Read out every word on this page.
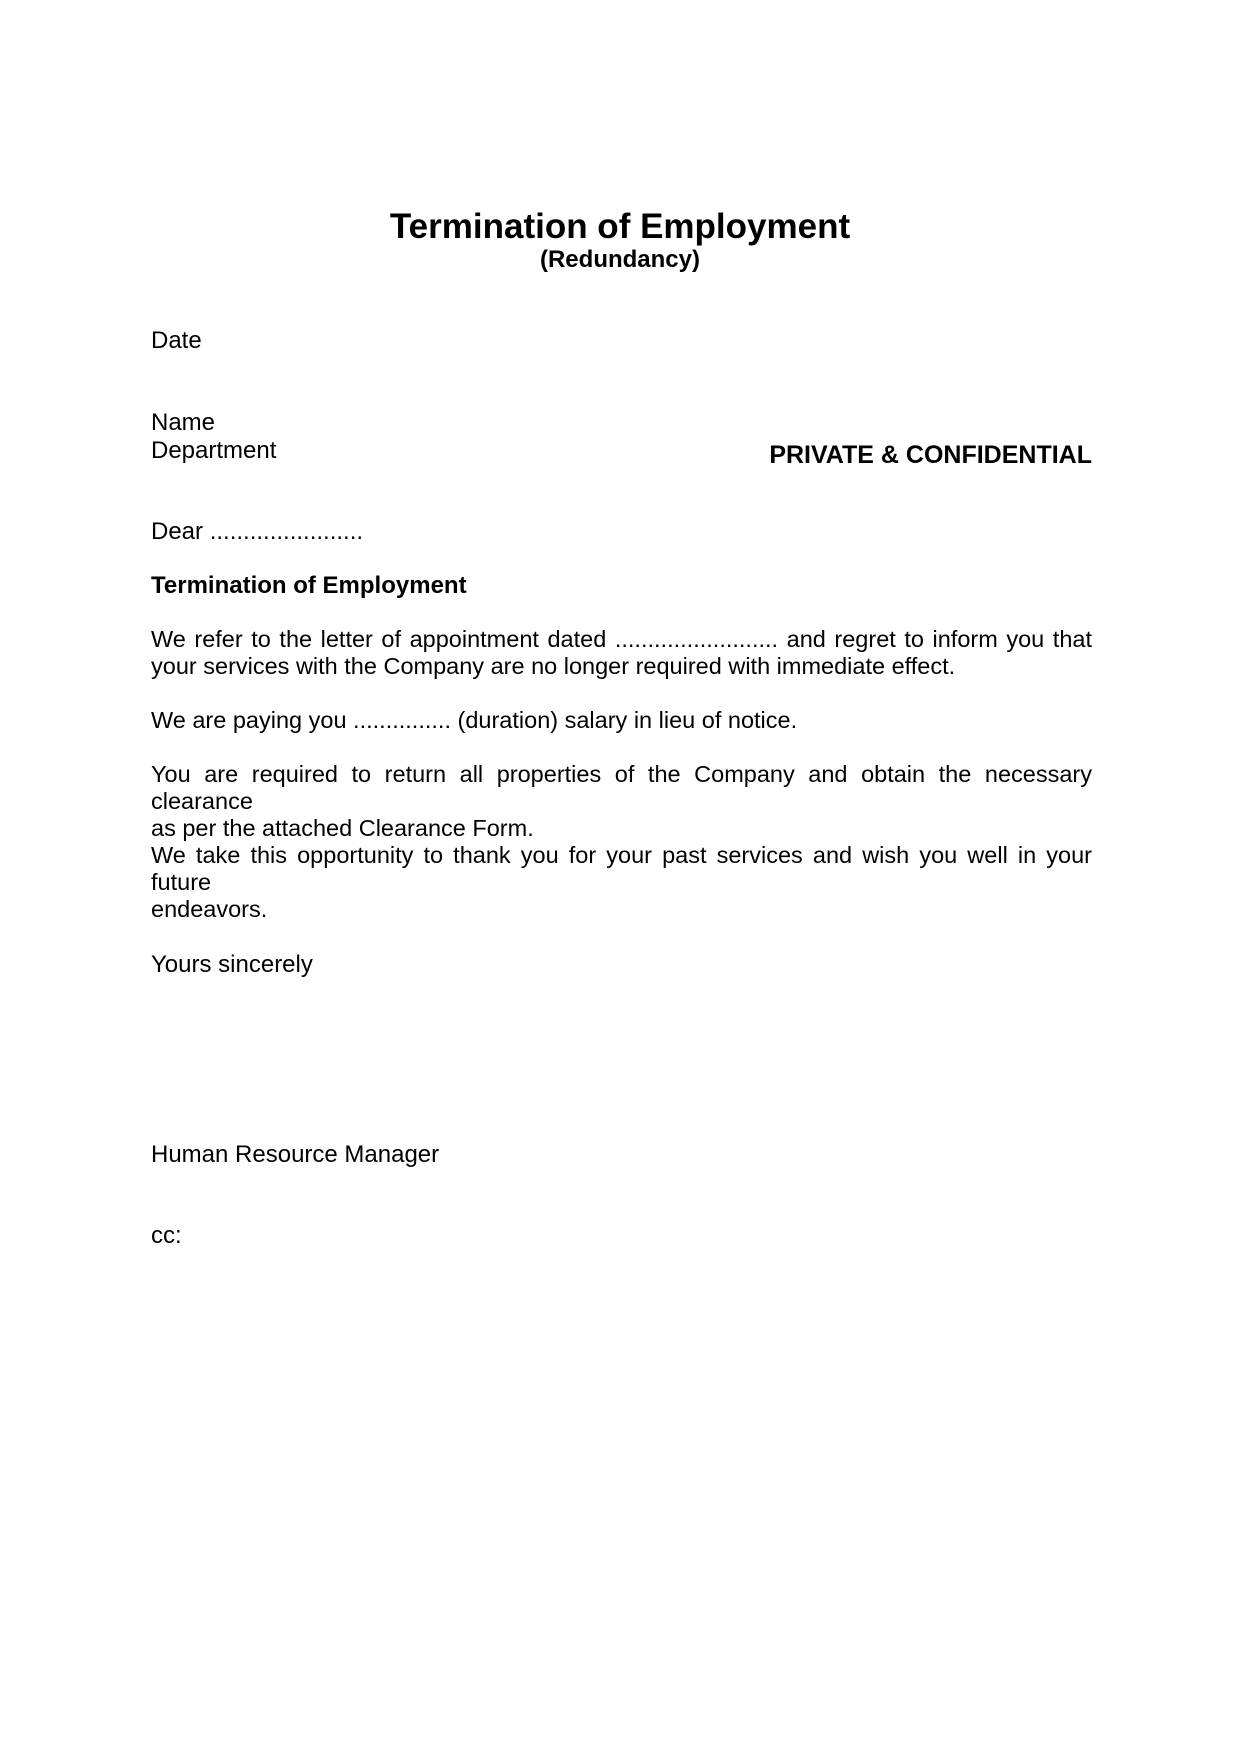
Termination of Employment
(Redundancy)
Date
Name
Department	PRIVATE & CONFIDENTIAL
Dear .......................
Termination of Employment
We refer to the letter of appointment dated ......................... and regret to inform you that
your services with the Company are no longer required with immediate effect.
We are paying you ............... (duration) salary in lieu of notice.
You are required to return all properties of the Company and obtain the necessary clearance
as per the attached Clearance Form.
We take this opportunity to thank you for your past services and wish you well in your future
endeavors.
Yours sincerely
Human Resource Manager
cc:
